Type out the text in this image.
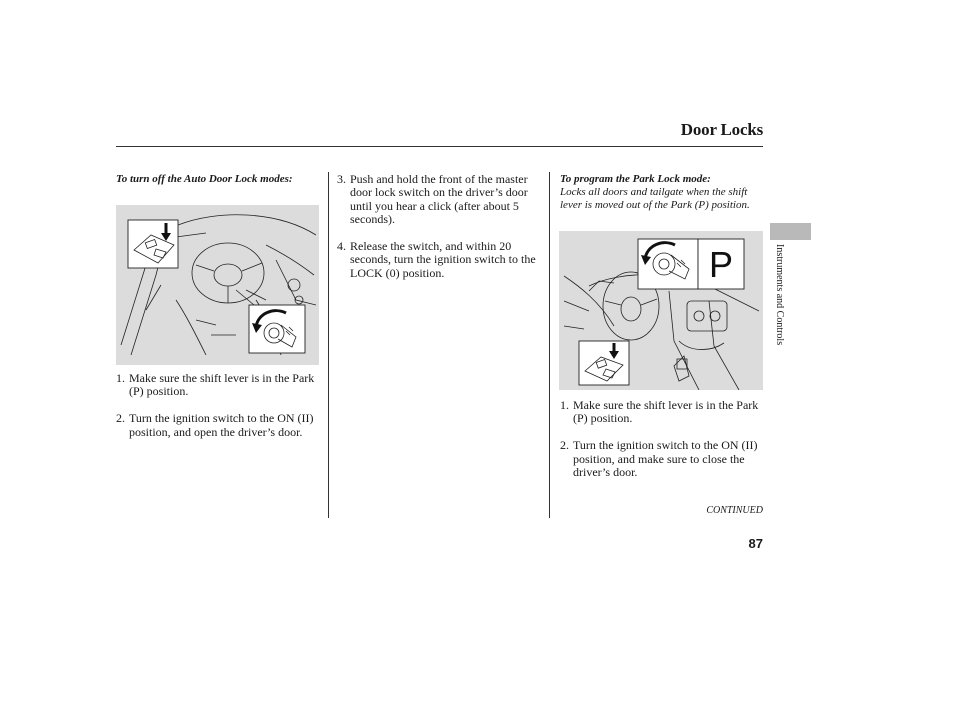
Door Locks
To turn off the Auto Door Lock modes:
1. Make sure the shift lever is in the Park (P) position.
2. Turn the ignition switch to the ON (II) position, and open the driver’s door.
3. Push and hold the front of the master door lock switch on the driver’s door until you hear a click (after about 5 seconds).
4. Release the switch, and within 20 seconds, turn the ignition switch to the LOCK (0) position.
To program the Park Lock mode:
Locks all doors and tailgate when the shift lever is moved out of the Park (P) position.
P
1. Make sure the shift lever is in the Park (P) position.
2. Turn the ignition switch to the ON (II) position, and make sure to close the driver’s door.
Instruments and Controls
CONTINUED
87
